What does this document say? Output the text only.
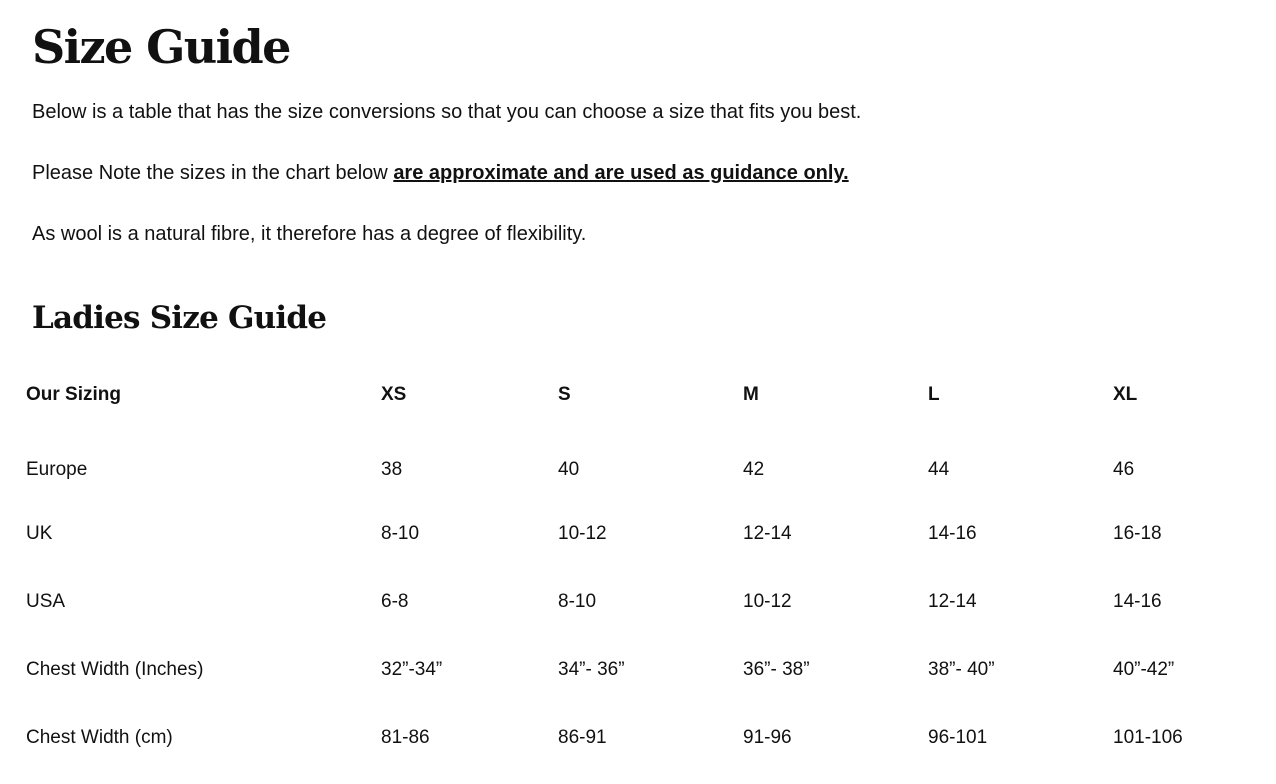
Size Guide

Below is a table that has the size conversions so that you can choose a size that fits you best.

Please Note the sizes in the chart below are approximate and are used as guidance only.

As wool is a natural fibre, it therefore has a degree of flexibility.

Ladies Size Guide
Our Sizing	XS	S	M	L	XL
Europe	38	40	42	44	46
UK	8-10	10-12	12-14	14-16	16-18
USA	6-8	8-10	10-12	12-14	14-16
Chest Width (Inches)	32”-34”	34”- 36”	36”- 38”	38”- 40”	40”-42”
Chest Width (cm)	81-86	86-91	91-96	96-101	101-106
